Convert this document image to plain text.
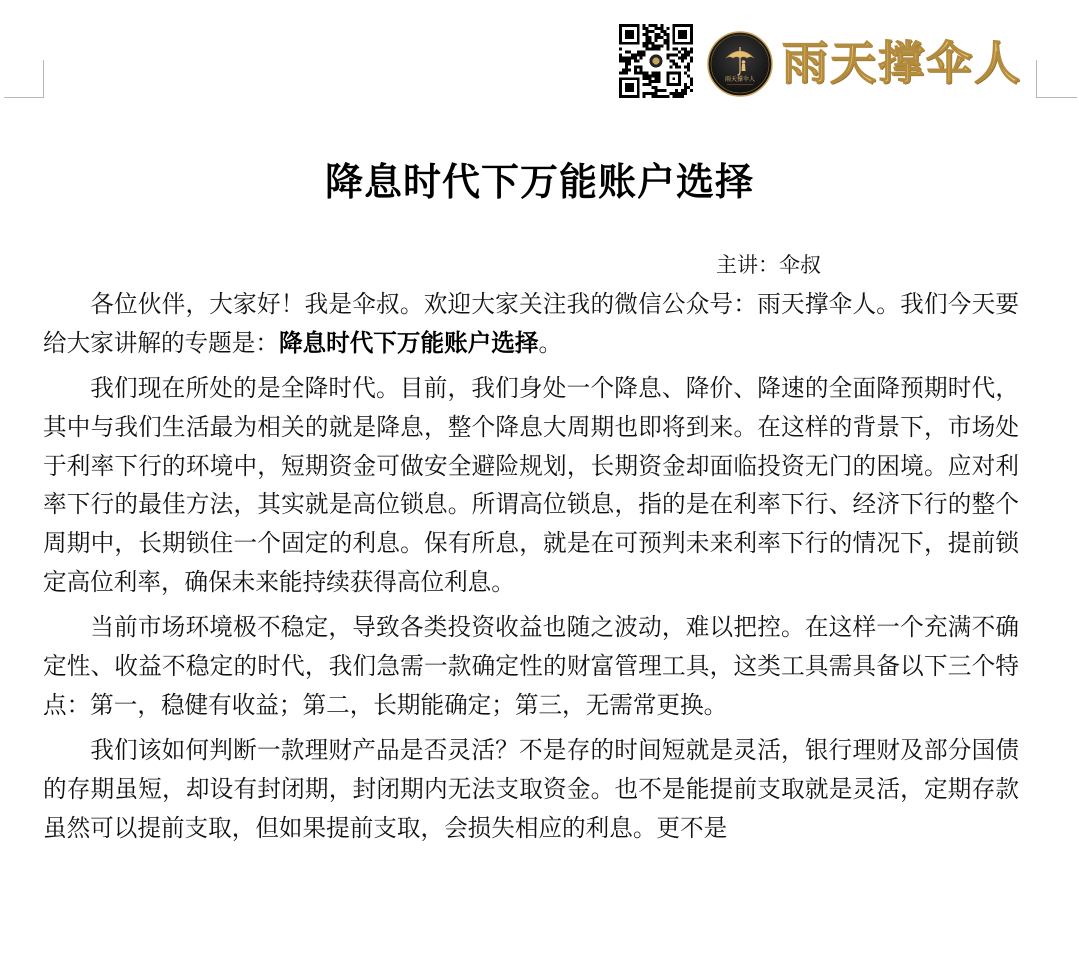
雨天撑伞人 雨天撑伞人
降息时代下万能账户选择
主讲：伞叔

各位伙伴，大家好！我是伞叔。欢迎大家关注我的微信公众号：雨天撑伞人。我们今天要给大家讲解的专题是：降息时代下万能账户选择。

我们现在所处的是全降时代。目前，我们身处一个降息、降价、降速的全面降预期时代，其中与我们生活最为相关的就是降息，整个降息大周期也即将到来。在这样的背景下，市场处于利率下行的环境中，短期资金可做安全避险规划，长期资金却面临投资无门的困境。应对利率下行的最佳方法，其实就是高位锁息。所谓高位锁息，指的是在利率下行、经济下行的整个周期中，长期锁住一个固定的利息。保有所息，就是在可预判未来利率下行的情况下，提前锁定高位利率，确保未来能持续获得高位利息。

当前市场环境极不稳定，导致各类投资收益也随之波动，难以把控。在这样一个充满不确定性、收益不稳定的时代，我们急需一款确定性的财富管理工具，这类工具需具备以下三个特点：第一，稳健有收益；第二，长期能确定；第三，无需常更换。

我们该如何判断一款理财产品是否灵活？不是存的时间短就是灵活，银行理财及部分国债的存期虽短，却设有封闭期，封闭期内无法支取资金。也不是能提前支取就是灵活，定期存款虽然可以提前支取，但如果提前支取，会损失相应的利息。更不是
